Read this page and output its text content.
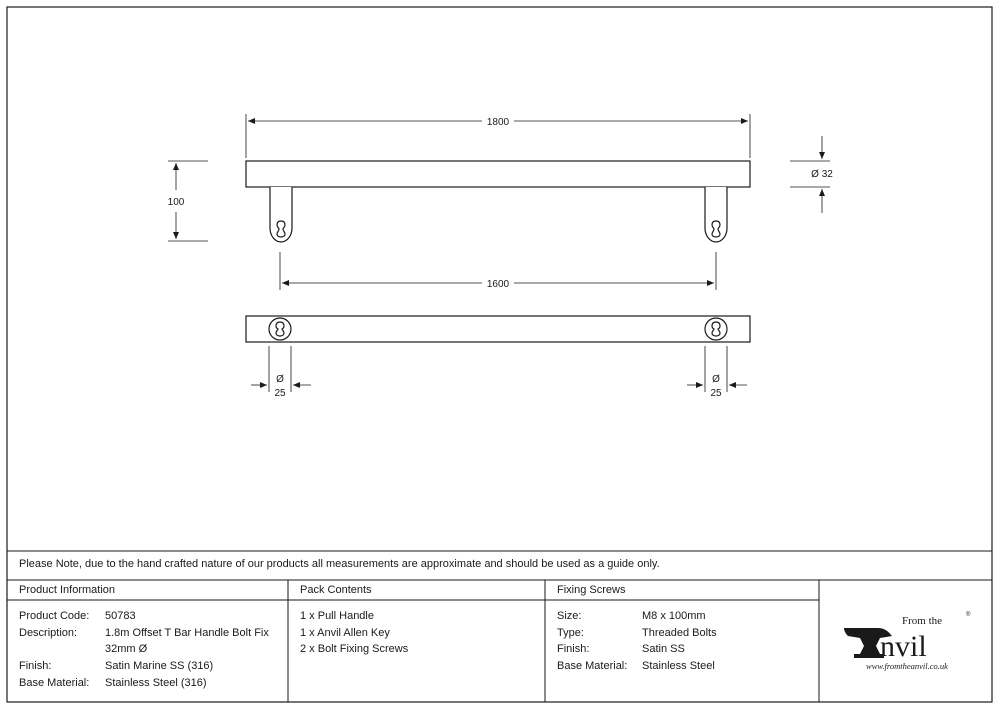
1800
100
Ø 32
1600
Ø
25
Ø
25
Please Note, due to the hand crafted nature of our products all measurements are approximate and should be used as a guide only.
Product Information	Pack Contents	Fixing Screws
Product Code: 50783
Description:	1.8m Offset T Bar Handle Bolt Fix

32mm Ø
Finish:	Satin Marine SS (316)
Base Material: Stainless Steel (316)
1 x Pull Handle
1 x Anvil Allen Key
2 x Bolt Fixing Screws
Size:	M8 x 100mm
Type:	Threaded Bolts
Finish:	Satin SS
Base Material: Stainless Steel
From the	®
nvil
www.fromtheanvil.co.uk
